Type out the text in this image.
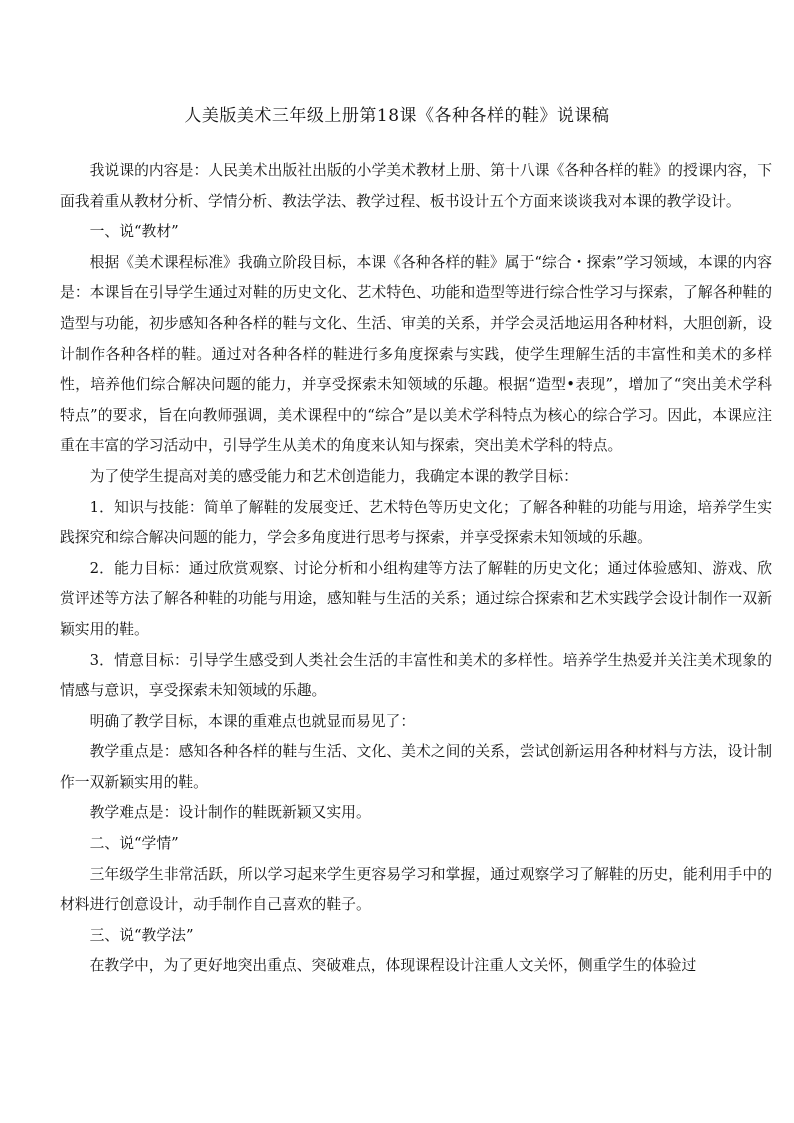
人美版美术三年级上册第18课《各种各样的鞋》说课稿

我说课的内容是：人民美术出版社出版的小学美术教材上册、第十八课《各种各样的鞋》的授课内容，下面我着重从教材分析、学情分析、教法学法、教学过程、板书设计五个方面来谈谈我对本课的教学设计。

一、说“教材”

根据《美术课程标准》我确立阶段目标，本课《各种各样的鞋》属于“综合・探索”学习领域，本课的内容是：本课旨在引导学生通过对鞋的历史文化、艺术特色、功能和造型等进行综合性学习与探索，了解各种鞋的造型与功能，初步感知各种各样的鞋与文化、生活、审美的关系，并学会灵活地运用各种材料，大胆创新，设计制作各种各样的鞋。通过对各种各样的鞋进行多角度探索与实践，使学生理解生活的丰富性和美术的多样性，培养他们综合解决问题的能力，并享受探索未知领域的乐趣。根据“造型•表现”，增加了“突出美术学科特点”的要求，旨在向教师强调，美术课程中的“综合”是以美术学科特点为核心的综合学习。因此，本课应注重在丰富的学习活动中，引导学生从美术的角度来认知与探索，突出美术学科的特点。

为了使学生提高对美的感受能力和艺术创造能力，我确定本课的教学目标：

1．知识与技能：简单了解鞋的发展变迁、艺术特色等历史文化；了解各种鞋的功能与用途，培养学生实践探究和综合解决问题的能力，学会多角度进行思考与探索，并享受探索未知领域的乐趣。

2．能力目标：通过欣赏观察、讨论分析和小组构建等方法了解鞋的历史文化；通过体验感知、游戏、欣赏评述等方法了解各种鞋的功能与用途，感知鞋与生活的关系；通过综合探索和艺术实践学会设计制作一双新颖实用的鞋。

3．情意目标：引导学生感受到人类社会生活的丰富性和美术的多样性。培养学生热爱并关注美术现象的情感与意识，享受探索未知领域的乐趣。

明确了教学目标，本课的重难点也就显而易见了：

教学重点是：感知各种各样的鞋与生活、文化、美术之间的关系，尝试创新运用各种材料与方法，设计制作一双新颖实用的鞋。

教学难点是：设计制作的鞋既新颖又实用。

二、说“学情”

三年级学生非常活跃，所以学习起来学生更容易学习和掌握，通过观察学习了解鞋的历史，能利用手中的材料进行创意设计，动手制作自己喜欢的鞋子。

三、说“教学法”

在教学中，为了更好地突出重点、突破难点，体现课程设计注重人文关怀，侧重学生的体验过
